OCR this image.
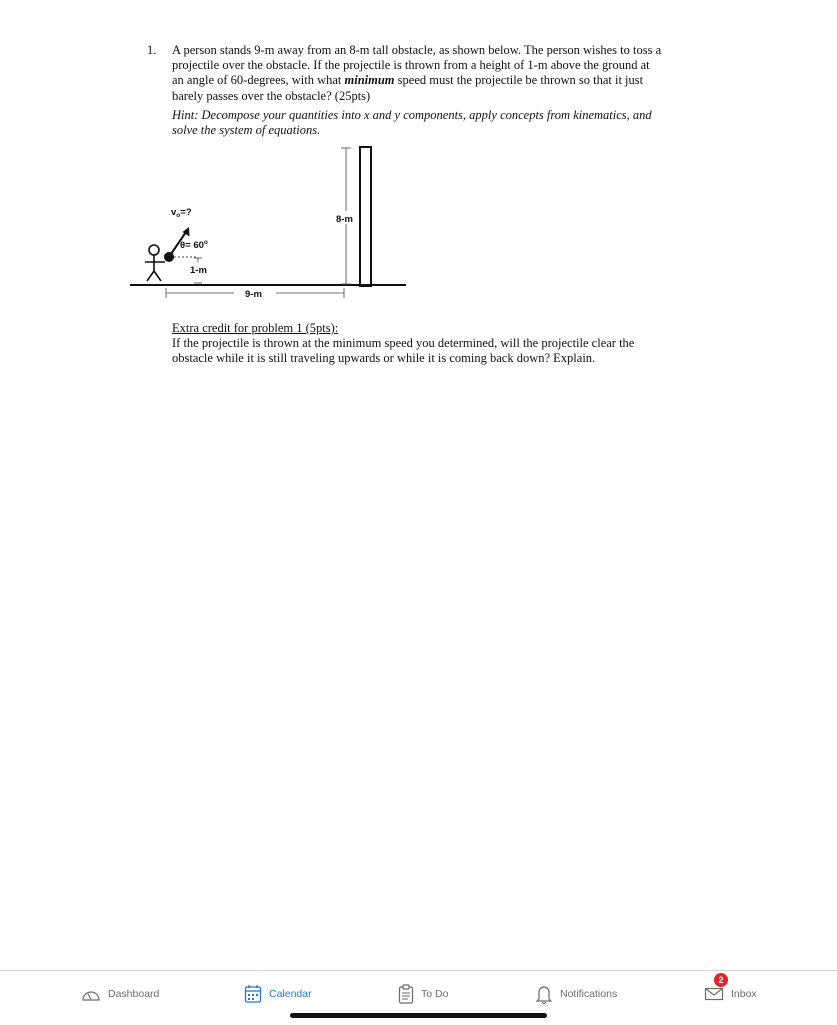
1. A person stands 9-m away from an 8-m tall obstacle, as shown below. The person wishes to toss a
projectile over the obstacle. If the projectile is thrown from a height of 1-m above the ground at
an angle of 60-degrees, with what minimum speed must the projectile be thrown so that it just
barely passes over the obstacle? (25pts)

Hint: Decompose your quantities into x and y components, apply concepts from kinematics, and
solve the system of equations.

8-m
$v_o=$?
$\theta= 60^o$
1-m
9-m

Extra credit for problem 1 (5pts):

If the projectile is thrown at the minimum speed you determined, will the projectile clear the
obstacle while it is still traveling upwards or while it is coming back down? Explain.

Dashboard	Calendar	To Do	Notifications	Inbox
2
